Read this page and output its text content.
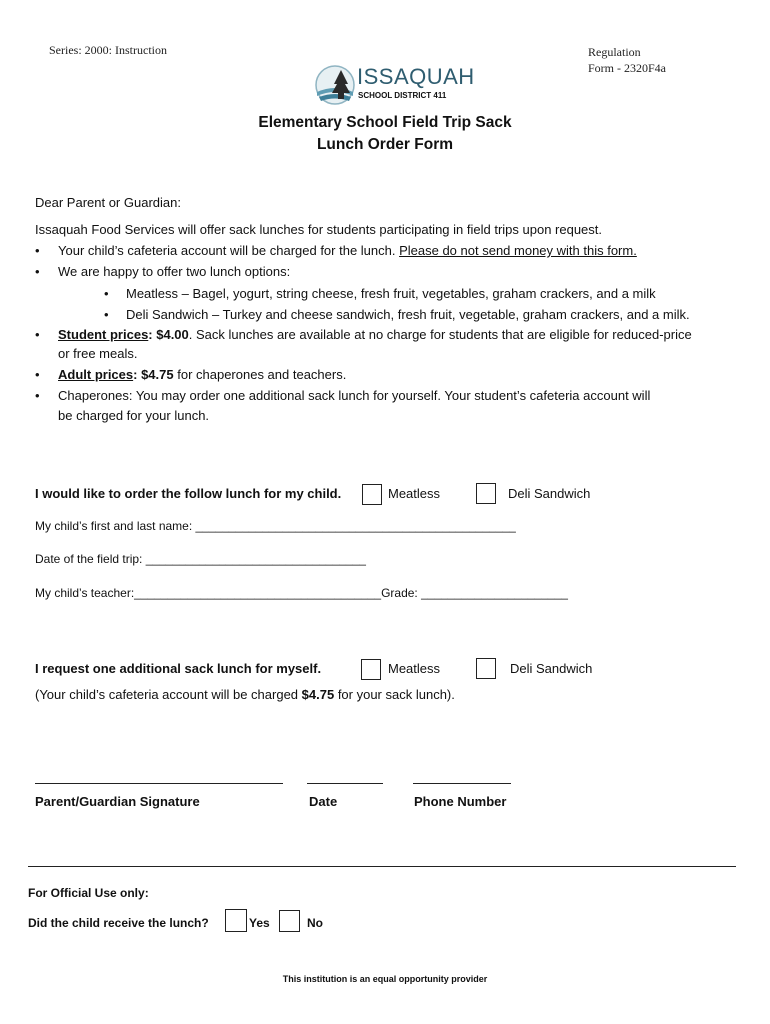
Series: 2000: Instruction	Regulation
Form - 2320F4a
ISSAQUAH
SCHOOL DISTRICT 411
Elementary School Field Trip Sack
Lunch Order Form
Dear Parent or Guardian:
Issaquah Food Services will offer sack lunches for students participating in field trips upon request.
• Your child’s cafeteria account will be charged for the lunch. Please do not send money with this form.
• We are happy to offer two lunch options:
• Meatless – Bagel, yogurt, string cheese, fresh fruit, vegetables, graham crackers, and a milk
• Deli Sandwich – Turkey and cheese sandwich, fresh fruit, vegetable, graham crackers, and a milk.
• Student prices: $4.00. Sack lunches are available at no charge for students that are eligible for reduced-price
or free meals.
• Adult prices: $4.75 for chaperones and teachers.
• Chaperones: You may order one additional sack lunch for yourself. Your student’s cafeteria account will
be charged for your lunch.
I would like to order the follow lunch for my child.	Meatless	Deli Sandwich
My child’s first and last name: ________________________________________________
Date of the field trip: _________________________________
My child’s teacher:_____________________________________Grade: ______________________
I request one additional sack lunch for myself.	Meatless	Deli Sandwich
(Your child’s cafeteria account will be charged $4.75 for your sack lunch).
Parent/Guardian Signature	Date	Phone Number
For Official Use only:
Did the child receive the lunch?	Yes	No
This institution is an equal opportunity provider
